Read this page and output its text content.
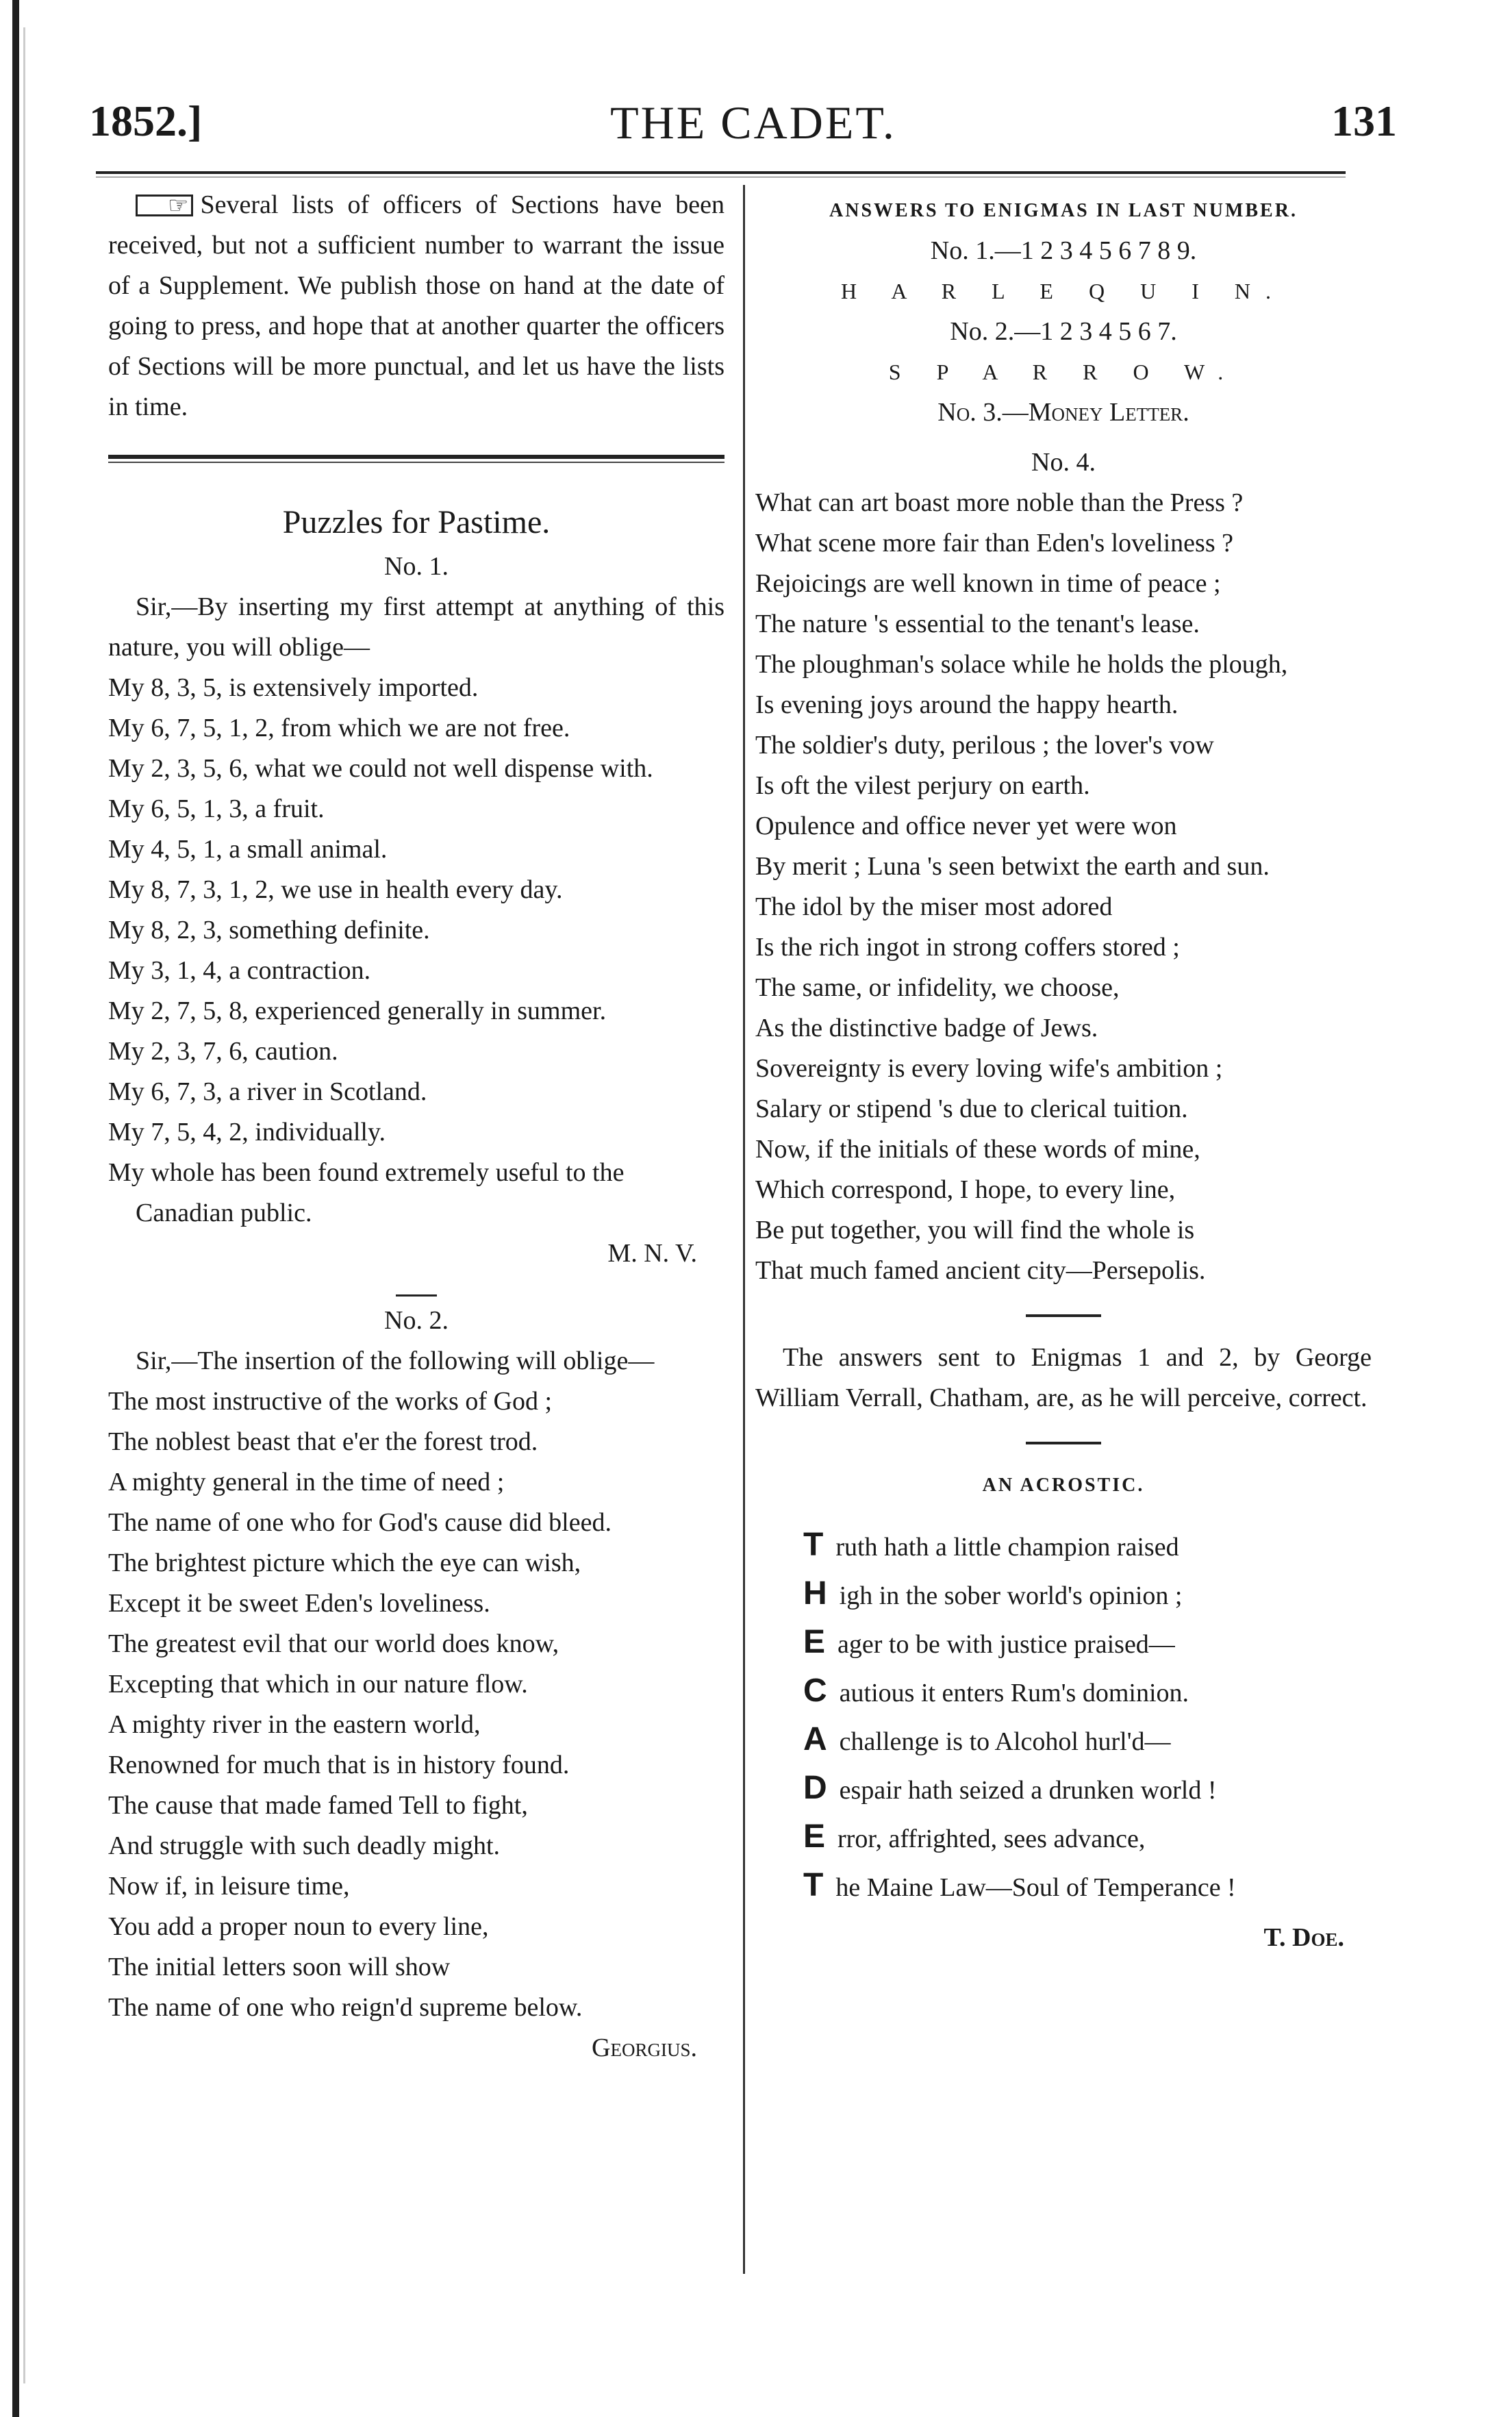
1852.]	THE CADET.	131

☞ Several lists of officers of Sections have been received, but not a sufficient number to warrant the issue of a Supplement. We publish those on hand at the date of going to press, and hope that at another quarter the officers of Sections will be more punctual, and let us have the lists in time.

Puzzles for Pastime.

No. 1.

Sir,—By inserting my first attempt at anything of this nature, you will oblige—

My 8, 3, 5, is extensively imported.

My 6, 7, 5, 1, 2, from which we are not free.

My 2, 3, 5, 6, what we could not well dispense with.

My 6, 5, 1, 3, a fruit.

My 4, 5, 1, a small animal.

My 8, 7, 3, 1, 2, we use in health every day.

My 8, 2, 3, something definite.

My 3, 1, 4, a contraction.

My 2, 7, 5, 8, experienced generally in summer.

My 2, 3, 7, 6, caution.

My 6, 7, 3, a river in Scotland.

My 7, 5, 4, 2, individually.

My whole has been found extremely useful to the Canadian public.

M. N. V.

No. 2.

Sir,—The insertion of the following will oblige—

The most instructive of the works of God ;

The noblest beast that e'er the forest trod.

A mighty general in the time of need ;

The name of one who for God's cause did bleed.

The brightest picture which the eye can wish,

Except it be sweet Eden's loveliness.

The greatest evil that our world does know,

Excepting that which in our nature flow.

A mighty river in the eastern world,

Renowned for much that is in history found.

The cause that made famed Tell to fight,

And struggle with such deadly might.

Now if, in leisure time,

You add a proper noun to every line,

The initial letters soon will show

The name of one who reign'd supreme below.

Georgius.

ANSWERS TO ENIGMAS IN LAST NUMBER.

No. 1.—1 2 3 4 5 6 7 8 9.

H A R L E Q U I N.

No. 2.—1 2 3 4 5 6 7.

S P A R R O W.

No. 3.—Money Letter.

No. 4.

What can art boast more noble than the Press ?

What scene more fair than Eden's loveliness ?

Rejoicings are well known in time of peace ;

The nature 's essential to the tenant's lease.

The ploughman's solace while he holds the plough,

Is evening joys around the happy hearth.

The soldier's duty, perilous ; the lover's vow

Is oft the vilest perjury on earth.

Opulence and office never yet were won

By merit ; Luna 's seen betwixt the earth and sun.

The idol by the miser most adored

Is the rich ingot in strong coffers stored ;

The same, or infidelity, we choose,

As the distinctive badge of Jews.

Sovereignty is every loving wife's ambition ;

Salary or stipend 's due to clerical tuition.

Now, if the initials of these words of mine,

Which correspond, I hope, to every line,

Be put together, you will find the whole is

That much famed ancient city—Persepolis.

The answers sent to Enigmas 1 and 2, by George William Verrall, Chatham, are, as he will perceive, correct.

AN ACROSTIC.

T ruth hath a little champion raised

H igh in the sober world's opinion ;

E ager to be with justice praised—

C autious it enters Rum's dominion.

A challenge is to Alcohol hurl'd—

D espair hath seized a drunken world !

E rror, affrighted, sees advance,

T he Maine Law—Soul of Temperance !

T. Doe.
